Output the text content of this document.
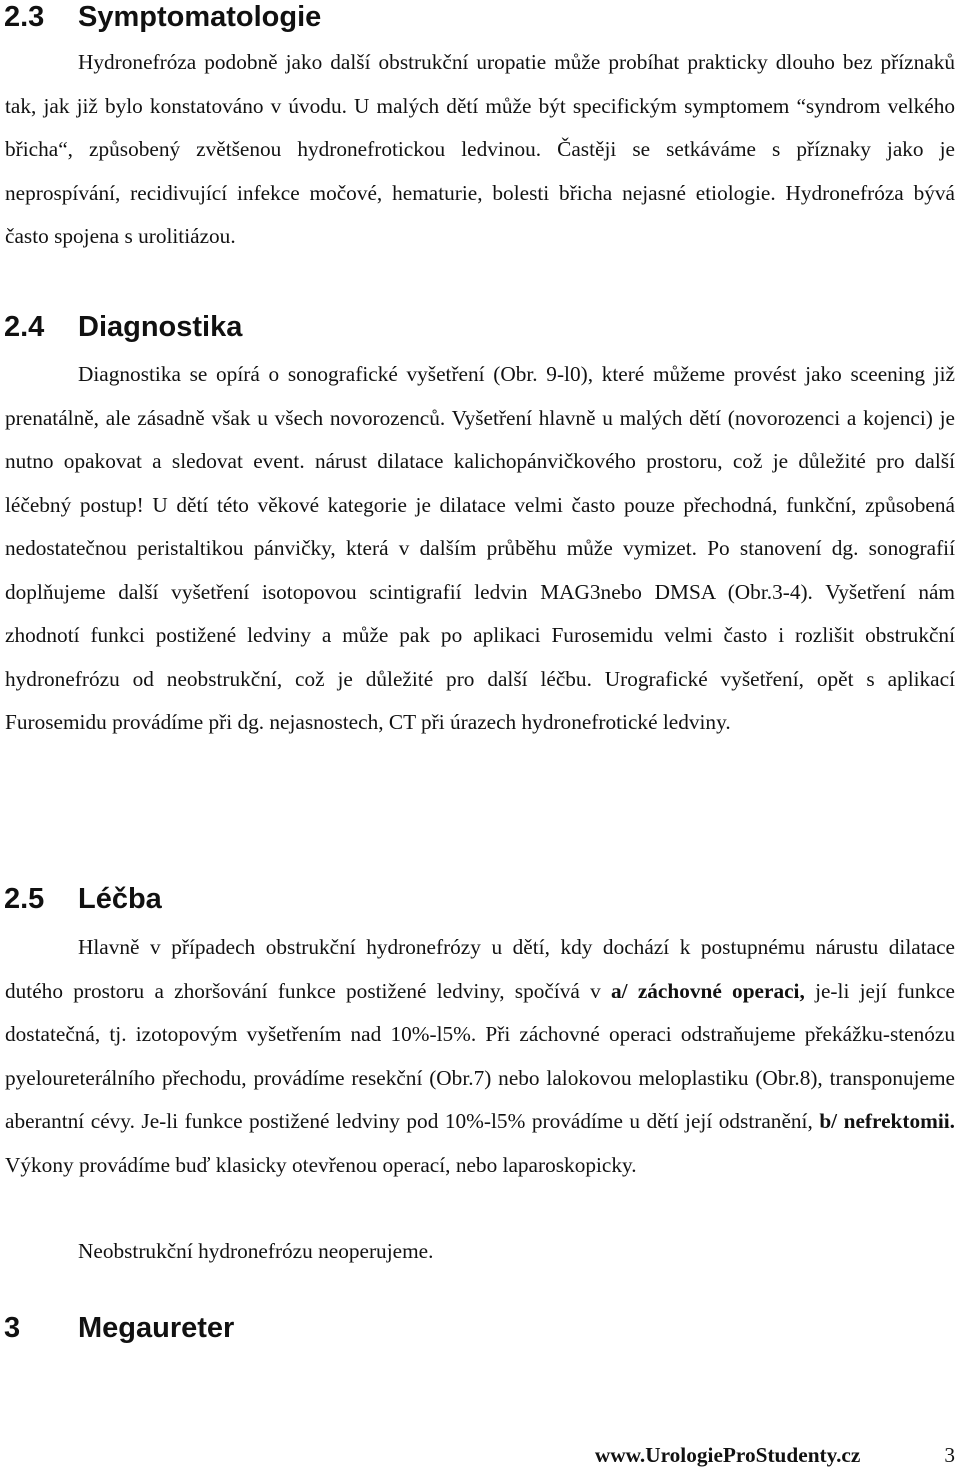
2.3 Symptomatologie

Hydronefróza podobně jako další obstrukční uropatie může probíhat prakticky dlouho bez příznaků tak, jak již bylo konstatováno v úvodu. U malých dětí může být specifickým symptomem “syndrom velkého břicha“, způsobený zvětšenou hydronefrotickou ledvinou. Častěji se setkáváme s příznaky jako je neprospívání, recidivující infekce močové, hematurie, bolesti břicha nejasné etiologie. Hydronefróza bývá často spojena s urolitiázou.

2.4 Diagnostika

Diagnostika se opírá o sonografické vyšetření (Obr. 9-l0), které můžeme provést jako sceening již prenatálně, ale zásadně však u všech novorozenců. Vyšetření hlavně u malých dětí (novorozenci a kojenci) je nutno opakovat a sledovat event. nárust dilatace kalichopánvičkového prostoru, což je důležité pro další léčebný postup! U dětí této věkové kategorie je dilatace velmi často pouze přechodná, funkční, způsobená nedostatečnou peristaltikou pánvičky, která v dalším průběhu může vymizet. Po stanovení dg. sonografií doplňujeme další vyšetření isotopovou scintigrafií ledvin MAG3nebo DMSA (Obr.3-4). Vyšetření nám zhodnotí funkci postižené ledviny a může pak po aplikaci Furosemidu velmi často i rozlišit obstrukční hydronefrózu od neobstrukční, což je důležité pro další léčbu. Urografické vyšetření, opět s aplikací Furosemidu provádíme při dg. nejasnostech, CT při úrazech hydronefrotické ledviny.

2.5 Léčba

Hlavně v případech obstrukční hydronefrózy u dětí, kdy dochází k postupnému nárustu dilatace dutého prostoru a zhoršování funkce postižené ledviny, spočívá v a/ záchovné operaci, je-li její funkce dostatečná, tj. izotopovým vyšetřením nad 10%-l5%. Při záchovné operaci odstraňujeme překážku-stenózu pyeloureterálního přechodu, provádíme resekční (Obr.7) nebo lalokovou meloplastiku (Obr.8), transponujeme aberantní cévy. Je-li funkce postižené ledviny pod 10%-l5% provádíme u dětí její odstranění, b/ nefrektomii. Výkony provádíme buď klasicky otevřenou operací, nebo laparoskopicky.

Neobstrukční hydronefrózu neoperujeme.

3 Megaureter
www.UrologieProStudenty.cz	3
